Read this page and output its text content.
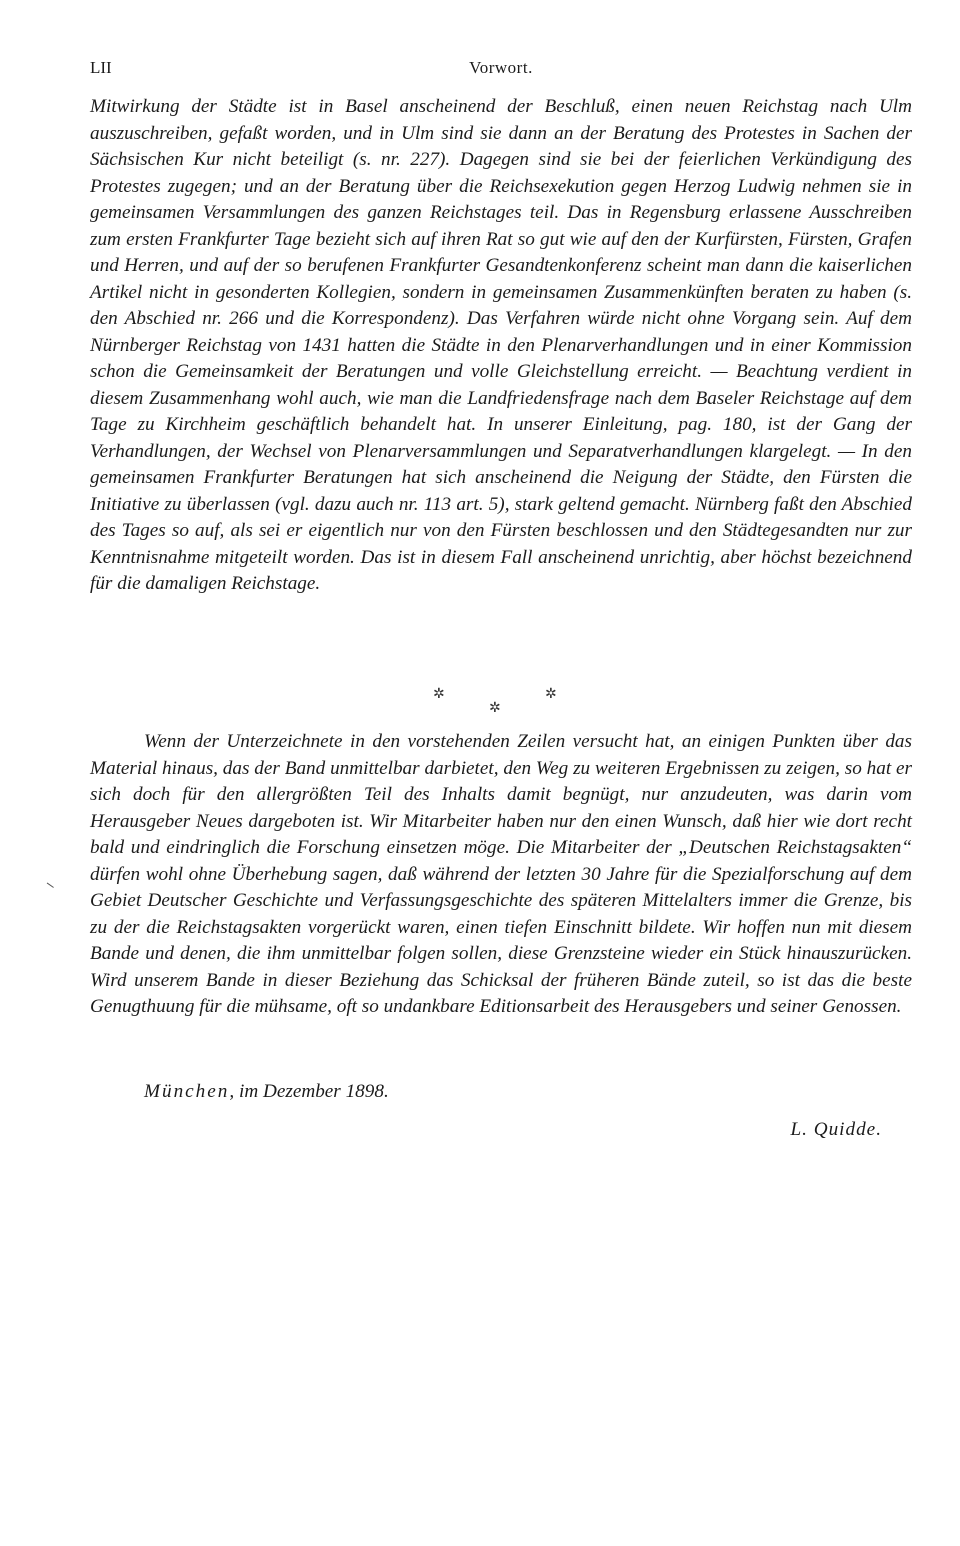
LII	Vorwort.
Mitwirkung der Städte ist in Basel anscheinend der Beschluß, einen neuen Reichstag nach Ulm auszuschreiben, gefaßt worden, und in Ulm sind sie dann an der Beratung des Protestes in Sachen der Sächsischen Kur nicht beteiligt (s. nr. 227). Dagegen sind sie bei der feierlichen Verkündigung des Protestes zugegen; und an der Beratung über die Reichsexekution gegen Herzog Ludwig nehmen sie in gemeinsamen Versammlungen des ganzen Reichstages teil. Das in Regensburg erlassene Ausschreiben zum ersten Frankfurter Tage bezieht sich auf ihren Rat so gut wie auf den der Kurfürsten, Fürsten, Grafen und Herren, und auf der so berufenen Frankfurter Gesandtenkonferenz scheint man dann die kaiserlichen Artikel nicht in gesonderten Kollegien, sondern in gemeinsamen Zusammenkünften beraten zu haben (s. den Abschied nr. 266 und die Korrespondenz). Das Verfahren würde nicht ohne Vorgang sein. Auf dem Nürnberger Reichstag von 1431 hatten die Städte in den Plenarverhandlungen und in einer Kommission schon die Gemeinsamkeit der Beratungen und volle Gleichstellung erreicht. — Beachtung verdient in diesem Zusammenhang wohl auch, wie man die Landfriedensfrage nach dem Baseler Reichstage auf dem Tage zu Kirchheim geschäftlich behandelt hat. In unserer Einleitung, pag. 180, ist der Gang der Verhandlungen, der Wechsel von Plenarversammlungen und Separatverhandlungen klargelegt. — In den gemeinsamen Frankfurter Beratungen hat sich anscheinend die Neigung der Städte, den Fürsten die Initiative zu überlassen (vgl. dazu auch nr. 113 art. 5), stark geltend gemacht. Nürnberg faßt den Abschied des Tages so auf, als sei er eigentlich nur von den Fürsten beschlossen und den Städtegesandten nur zur Kenntnisnahme mitgeteilt worden. Das ist in diesem Fall anscheinend unrichtig, aber höchst bezeichnend für die damaligen Reichstage.
✲
✲
✲
Wenn der Unterzeichnete in den vorstehenden Zeilen versucht hat, an einigen Punkten über das Material hinaus, das der Band unmittelbar darbietet, den Weg zu weiteren Ergebnissen zu zeigen, so hat er sich doch für den allergrößten Teil des Inhalts damit begnügt, nur anzudeuten, was darin vom Herausgeber Neues dargeboten ist. Wir Mitarbeiter haben nur den einen Wunsch, daß hier wie dort recht bald und eindringlich die Forschung einsetzen möge. Die Mitarbeiter der „Deutschen Reichstagsakten“ dürfen wohl ohne Überhebung sagen, daß während der letzten 30 Jahre für die Spezialforschung auf dem Gebiet Deutscher Geschichte und Verfassungsgeschichte des späteren Mittelalters immer die Grenze, bis zu der die Reichstagsakten vorgerückt waren, einen tiefen Einschnitt bildete. Wir hoffen nun mit diesem Bande und denen, die ihm unmittelbar folgen sollen, diese Grenzsteine wieder ein Stück hinauszurücken. Wird unserem Bande in dieser Beziehung das Schicksal der früheren Bände zuteil, so ist das die beste Genugthuung für die mühsame, oft so undankbare Editionsarbeit des Herausgebers und seiner Genossen.
München, im Dezember 1898.
L. Quidde.
